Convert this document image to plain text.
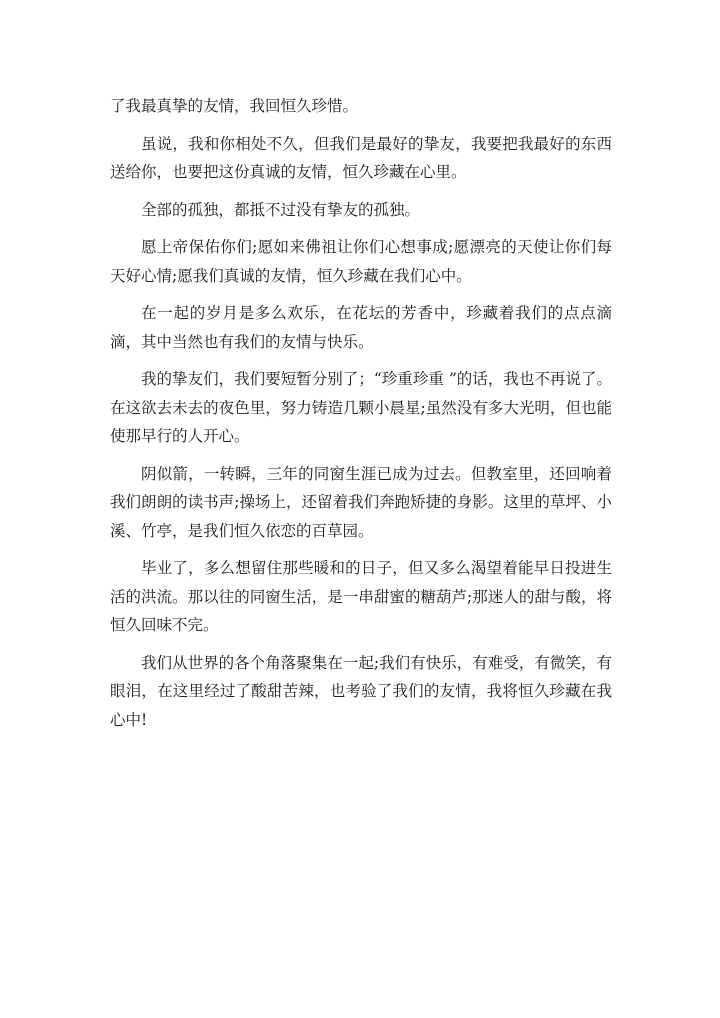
了我最真挚的友情，我回恒久珍惜。

虽说，我和你相处不久，但我们是最好的挚友，我要把我最好的东西送给你，也要把这份真诚的友情，恒久珍藏在心里。

全部的孤独，都抵不过没有挚友的孤独。

愿上帝保佑你们;愿如来佛祖让你们心想事成;愿漂亮的天使让你们每天好心情;愿我们真诚的友情，恒久珍藏在我们心中。

在一起的岁月是多么欢乐，在花坛的芳香中，珍藏着我们的点点滴滴，其中当然也有我们的友情与快乐。

我的挚友们，我们要短暂分别了；“珍重珍重 ”的话，我也不再说了。在这欲去未去的夜色里，努力铸造几颗小晨星;虽然没有多大光明，但也能使那早行的人开心。

阴似箭，一转瞬，三年的同窗生涯已成为过去。但教室里，还回响着我们朗朗的读书声;操场上，还留着我们奔跑矫捷的身影。这里的草坪、小溪、竹亭，是我们恒久依恋的百草园。

毕业了，多么想留住那些暖和的日子，但又多么渴望着能早日投进生活的洪流。那以往的同窗生活，是一串甜蜜的糖葫芦;那迷人的甜与酸，将恒久回味不完。

我们从世界的各个角落聚集在一起;我们有快乐，有难受，有微笑，有眼泪，在这里经过了酸甜苦辣，也考验了我们的友情，我将恒久珍藏在我心中!
